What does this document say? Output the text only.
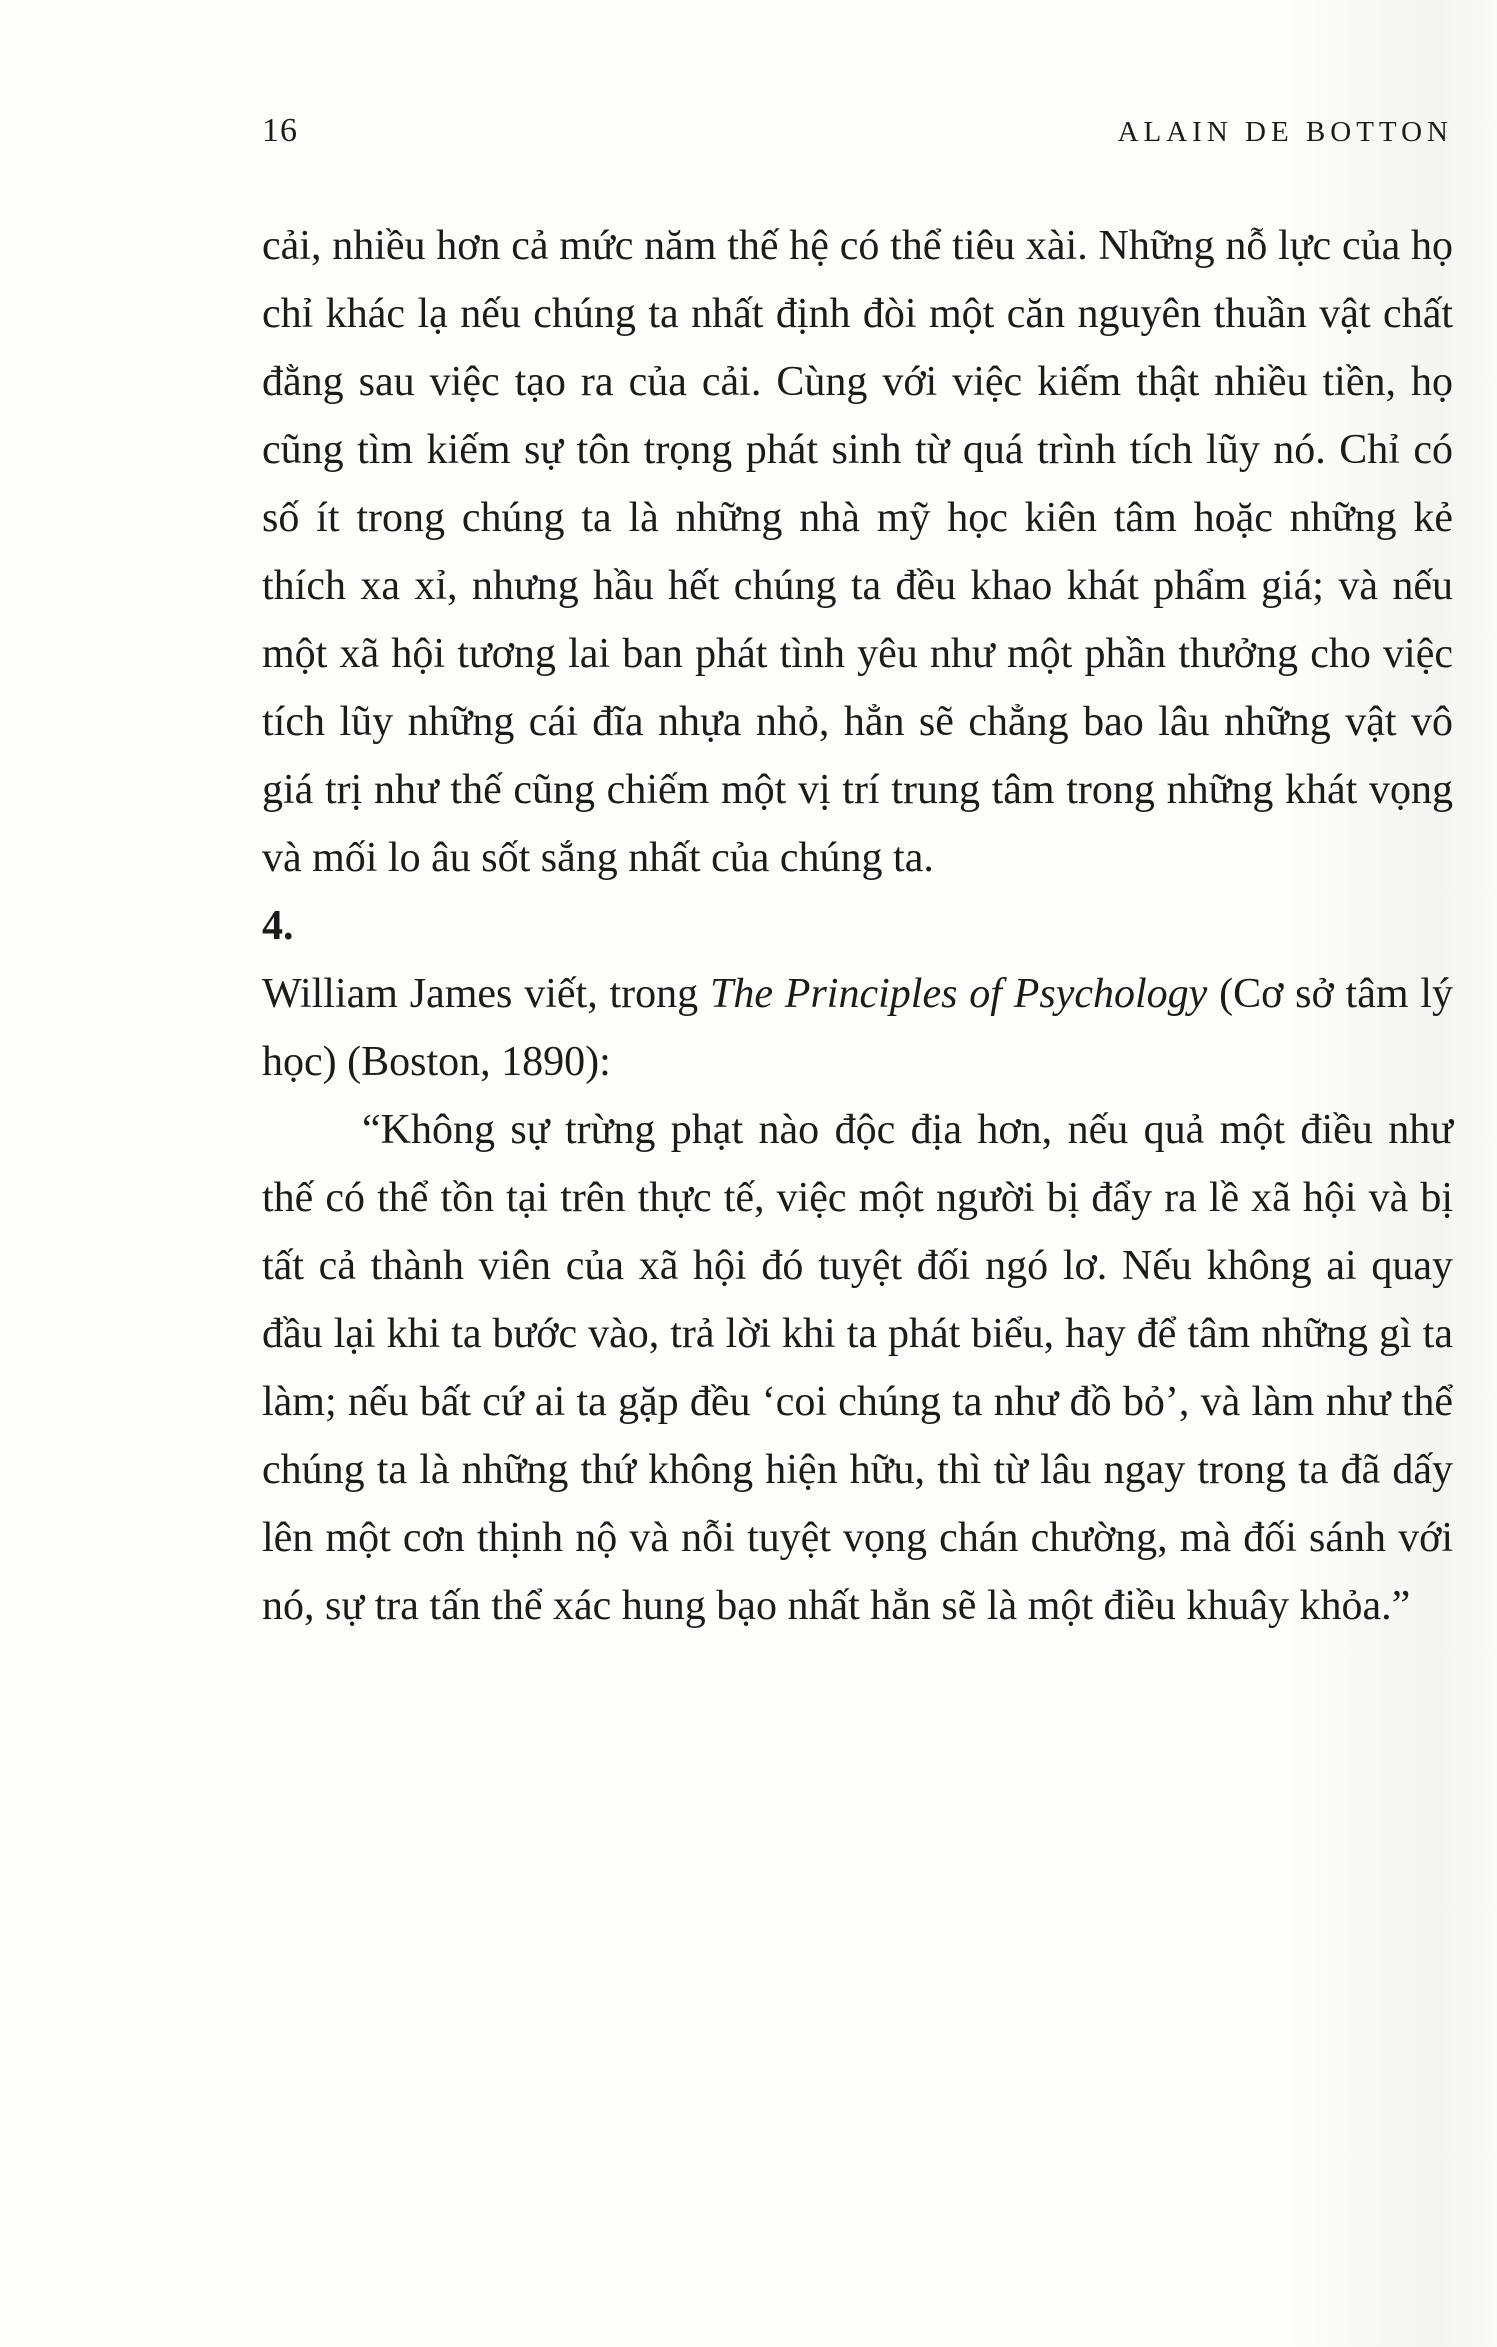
16	ALAIN DE BOTTON

cải, nhiều hơn cả mức năm thế hệ có thể tiêu xài. Những nỗ lực của họ chỉ khác lạ nếu chúng ta nhất định đòi một căn nguyên thuần vật chất đằng sau việc tạo ra của cải. Cùng với việc kiếm thật nhiều tiền, họ cũng tìm kiếm sự tôn trọng phát sinh từ quá trình tích lũy nó. Chỉ có số ít trong chúng ta là những nhà mỹ học kiên tâm hoặc những kẻ thích xa xỉ, nhưng hầu hết chúng ta đều khao khát phẩm giá; và nếu một xã hội tương lai ban phát tình yêu như một phần thưởng cho việc tích lũy những cái đĩa nhựa nhỏ, hẳn sẽ chẳng bao lâu những vật vô giá trị như thế cũng chiếm một vị trí trung tâm trong những khát vọng và mối lo âu sốt sắng nhất của chúng ta.

4.

William James viết, trong The Principles of Psychology (Cơ sở tâm lý học) (Boston, 1890):

“Không sự trừng phạt nào độc địa hơn, nếu quả một điều như thế có thể tồn tại trên thực tế, việc một người bị đẩy ra lề xã hội và bị tất cả thành viên của xã hội đó tuyệt đối ngó lơ. Nếu không ai quay đầu lại khi ta bước vào, trả lời khi ta phát biểu, hay để tâm những gì ta làm; nếu bất cứ ai ta gặp đều ‘coi chúng ta như đồ bỏ’, và làm như thể chúng ta là những thứ không hiện hữu, thì từ lâu ngay trong ta đã dấy lên một cơn thịnh nộ và nỗi tuyệt vọng chán chường, mà đối sánh với nó, sự tra tấn thể xác hung bạo nhất hẳn sẽ là một điều khuây khỏa.”
